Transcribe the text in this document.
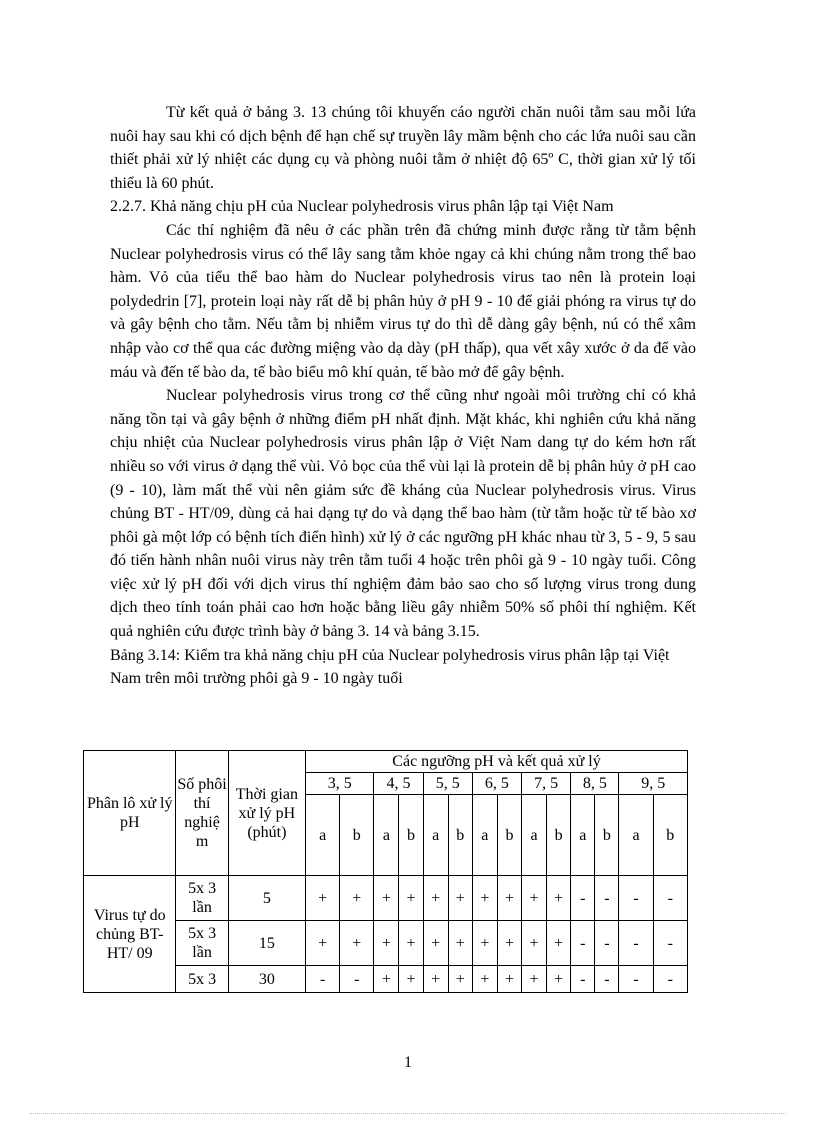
Từ kết quả ở bảng 3. 13 chúng tôi khuyến cáo người chăn nuôi tằm sau mỗi lứa nuôi hay sau khi có dịch bệnh để hạn chế sự truyền lây mầm bệnh cho các lứa nuôi sau cần thiết phải xử lý nhiệt các dụng cụ và phòng nuôi tằm ở nhiệt độ 65º C, thời gian xử lý tối thiểu là 60 phút.

2.2.7. Khả năng chịu pH của Nuclear polyhedrosis virus phân lập tại Việt Nam

Các thí nghiệm đã nêu ở các phần trên đã chứng minh được rằng từ tằm bệnh Nuclear polyhedrosis virus có thể lây sang tằm khỏe ngay cả khi chúng nằm trong thể bao hàm. Vỏ của tiểu thể bao hàm do Nuclear polyhedrosis virus tao nên là protein loại polydedrin [7], protein loại này rất dễ bị phân hủy ở pH 9 - 10 để giải phóng ra virus tự do và gây bệnh cho tằm. Nếu tằm bị nhiễm virus tự do thì dễ dàng gây bệnh, nú có thể xâm nhập vào cơ thể qua các đường miệng vào dạ dày (pH thấp), qua vết xây xước ở da để vào máu và đến tế bào da, tế bào biểu mô khí quản, tế bào mở để gây bệnh.

Nuclear polyhedrosis virus trong cơ thể cũng như ngoài môi trường chỉ có khả năng tồn tại và gây bệnh ở những điểm pH nhất định. Mặt khác, khi nghiên cứu khả năng chịu nhiệt của Nuclear polyhedrosis virus phân lập ở Việt Nam dang tự do kém hơn rất nhiều so với virus ở dạng thể vùi. Vỏ bọc của thể vùi lại là protein dễ bị phân hủy ở pH cao (9 - 10), làm mất thể vùi nên giảm sức đề kháng của Nuclear polyhedrosis virus. Virus chủng BT - HT/09, dùng cả hai dạng tự do và dạng thể bao hàm (từ tằm hoặc từ tế bào xơ phôi gà một lớp có bệnh tích điển hình) xử lý ở các ngưỡng pH khác nhau từ 3, 5 - 9, 5 sau đó tiến hành nhân nuôi virus này trên tằm tuổi 4 hoặc trên phôi gà 9 - 10 ngày tuổi. Công việc xử lý pH đối với dịch virus thí nghiệm đảm bảo sao cho số lượng virus trong dung dịch theo tính toán phải cao hơn hoặc bằng liều gây nhiễm 50% số phôi thí nghiệm. Kết quả nghiên cứu được trình bày ở bảng 3. 14 và bảng 3.15.

Bảng 3.14: Kiểm tra khả năng chịu pH của Nuclear polyhedrosis virus phân lập tại Việt Nam trên môi trường phôi gà 9 - 10 ngày tuổi

Phân lô xử lý pH	Số phôi thí nghiệ m	Thời gian xử lý pH (phút)	Các ngưỡng pH và kết quả xử lý													
			3, 5		4, 5		5, 5		6, 5		7, 5		8, 5		9, 5	
			a	b	a	b	a	b	a	b	a	b	a	b	a	b
Virus tự do chủng BT-HT/ 09	5x 3 lần	5	+	+	+	+	+	+	+	+	+	+	-	-	-	-
	5x 3 lần	15	+	+	+	+	+	+	+	+	+	+	-	-	-	-
	5x 3	30	-	-	+	+	+	+	+	+	+	+	-	-	-	-
1
